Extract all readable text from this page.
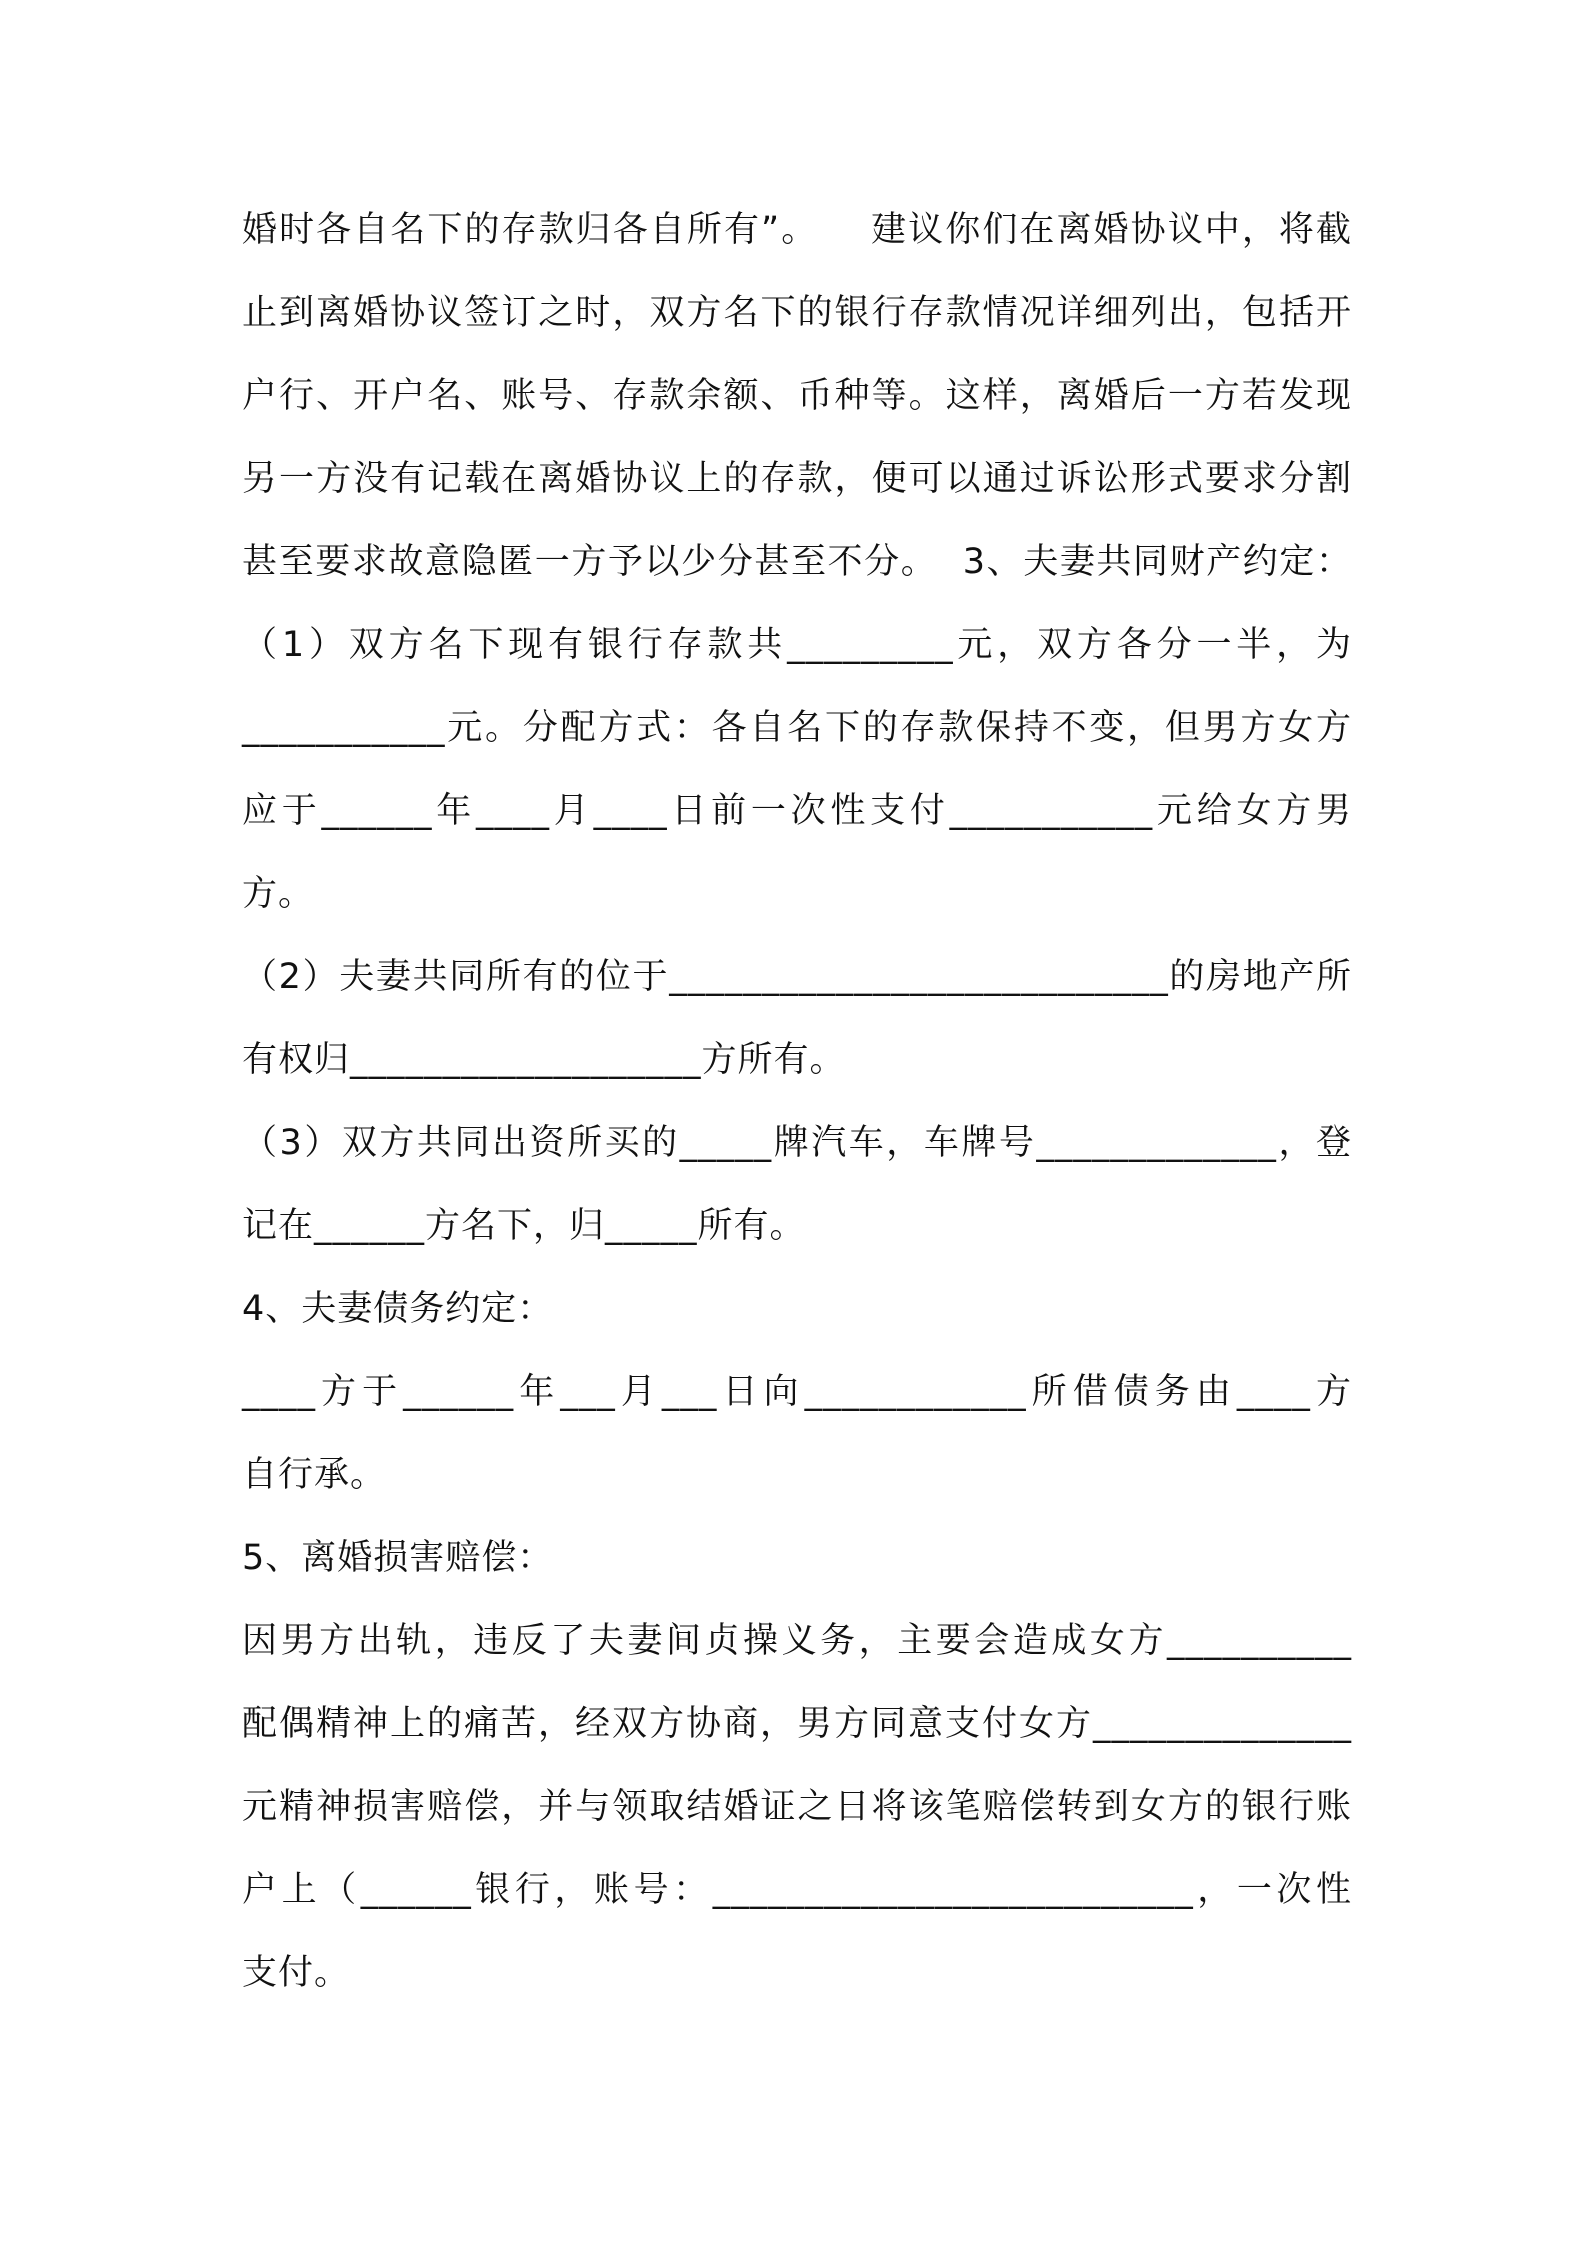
婚时各自名下的存款归各自所有”。    建议你们在离婚协议中，将截
止到离婚协议签订之时，双方名下的银行存款情况详细列出，包括开
户行、开户名、账号、存款余额、币种等。这样，离婚后一方若发现
另一方没有记载在离婚协议上的存款，便可以通过诉讼形式要求分割
甚至要求故意隐匿一方予以少分甚至不分。  3、夫妻共同财产约定：
（1）双方名下现有银行存款共_________元，双方各分一半，为
___________元。分配方式：各自名下的存款保持不变，但男方女方
应于______年____月____日前一次性支付___________元给女方男
方。
（2）夫妻共同所有的位于___________________________的房地产所
有权归___________________方所有。
（3）双方共同出资所买的_____牌汽车，车牌号_____________，登
记在______方名下，归_____所有。
4、夫妻债务约定：
____方于______年___月___日向____________所借债务由____方
自行承。
5、离婚损害赔偿：
因男方出轨，违反了夫妻间贞操义务，主要会造成女方__________
配偶精神上的痛苦，经双方协商，男方同意支付女方______________
元精神损害赔偿，并与领取结婚证之日将该笔赔偿转到女方的银行账
户上（______银行，账号：__________________________，一次性
支付。
